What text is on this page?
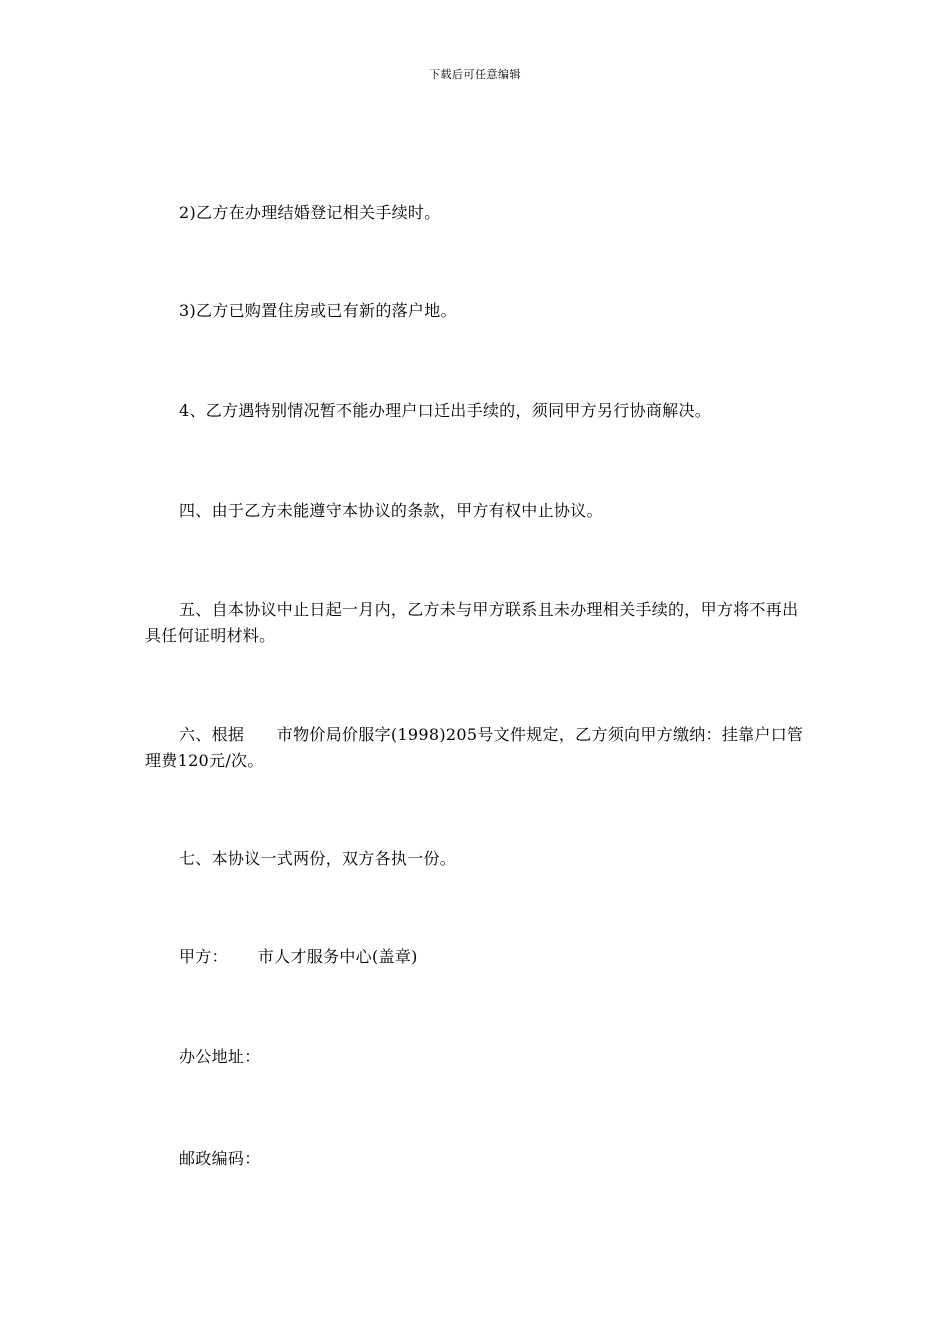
下载后可任意编辑
2)乙方在办理结婚登记相关手续时。
3)乙方已购置住房或已有新的落户地。
4、乙方遇特别情况暂不能办理户口迁出手续的，须同甲方另行协商解决。
四、由于乙方未能遵守本协议的条款，甲方有权中止协议。
五、自本协议中止日起一月内，乙方未与甲方联系且未办理相关手续的，甲方将不再出具任何证明材料。
六、根据　　市物价局价服字(1998)205号文件规定，乙方须向甲方缴纳：挂靠户口管理费120元/次。
七、本协议一式两份，双方各执一份。
甲方：　　 市人才服务中心(盖章)
办公地址：
邮政编码：
